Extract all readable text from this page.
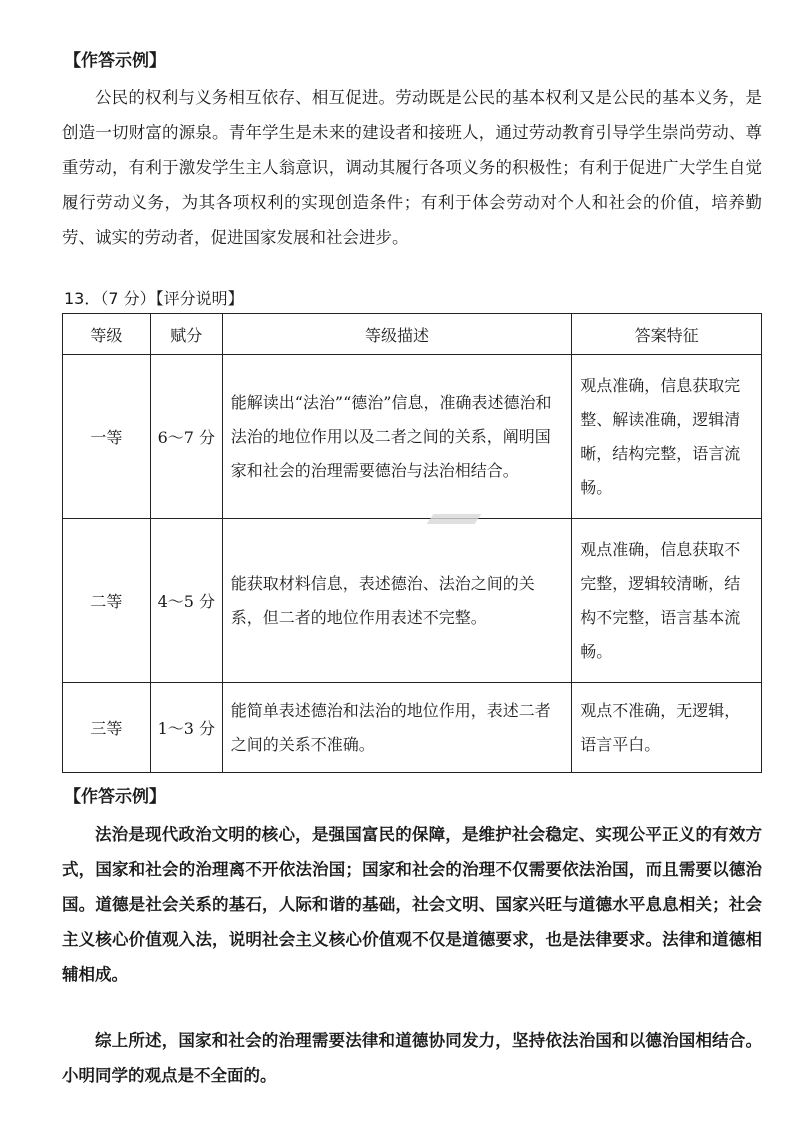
【作答示例】

公民的权利与义务相互依存、相互促进。劳动既是公民的基本权利又是公民的基本义务，是创造一切财富的源泉。青年学生是未来的建设者和接班人，通过劳动教育引导学生崇尚劳动、尊重劳动，有利于激发学生主人翁意识，调动其履行各项义务的积极性；有利于促进广大学生自觉履行劳动义务，为其各项权利的实现创造条件；有利于体会劳动对个人和社会的价值，培养勤劳、诚实的劳动者，促进国家发展和社会进步。

13．（7 分）【评分说明】
等级	赋分	等级描述	答案特征
一等	6～7 分	能解读出“法治”“德治”信息，准确表述德治和法治的地位作用以及二者之间的关系，阐明国家和社会的治理需要德治与法治相结合。	观点准确，信息获取完整、解读准确，逻辑清晰，结构完整，语言流畅。
二等	4～5 分	能获取材料信息，表述德治、法治之间的关系，但二者的地位作用表述不完整。	观点准确，信息获取不完整，逻辑较清晰，结构不完整，语言基本流畅。
三等	1～3 分	能简单表述德治和法治的地位作用，表述二者之间的关系不准确。	观点不准确，无逻辑，语言平白。
【作答示例】

法治是现代政治文明的核心，是强国富民的保障，是维护社会稳定、实现公平正义的有效方式，国家和社会的治理离不开依法治国；国家和社会的治理不仅需要依法治国，而且需要以德治国。道德是社会关系的基石，人际和谐的基础，社会文明、国家兴旺与道德水平息息相关；社会主义核心价值观入法，说明社会主义核心价值观不仅是道德要求，也是法律要求。法律和道德相辅相成。

综上所述，国家和社会的治理需要法律和道德协同发力，坚持依法治国和以德治国相结合。小明同学的观点是不全面的。
